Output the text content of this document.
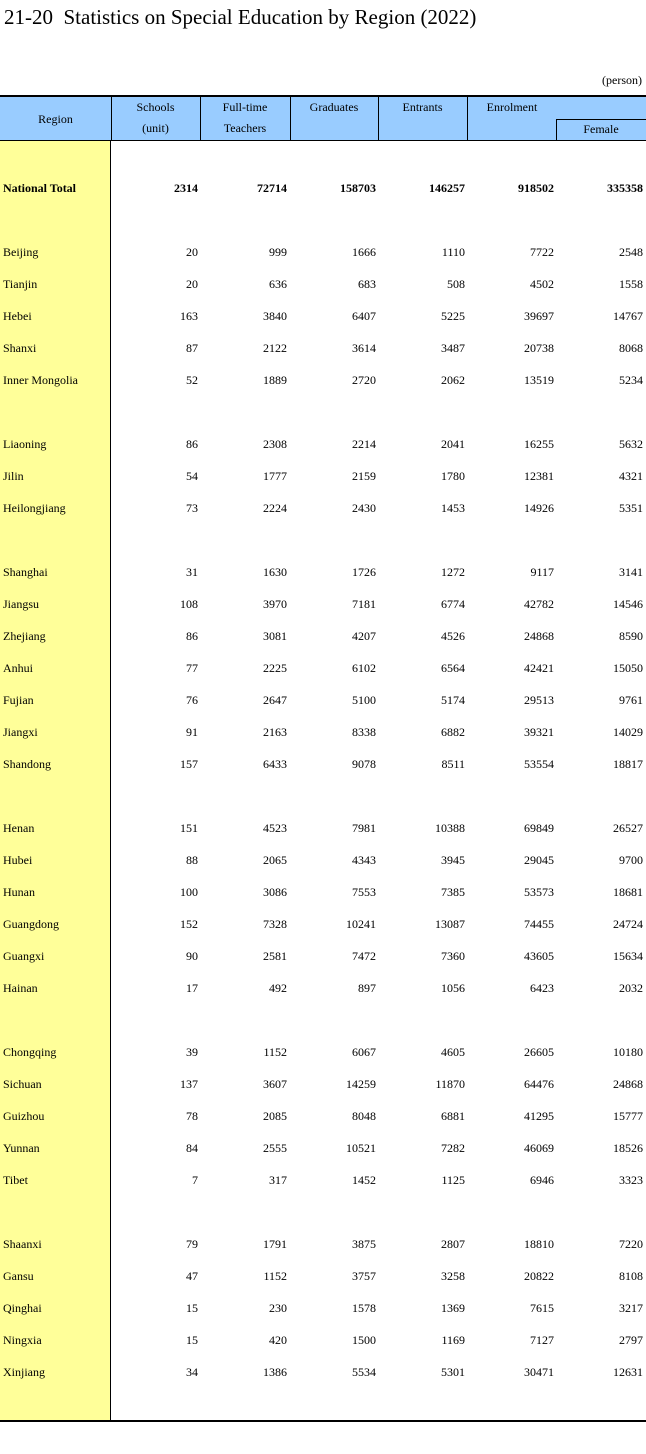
21-20  Statistics on Special Education by Region (2022)
(person)
Region
Schools
(unit)
Full-time
Teachers
Graduates	Entrants	Enrolment
Female
National Total	2314	72714	158703	146257	918502	335358
Beijing	20	999	1666	1110	7722	2548
Tianjin	20	636	683	508	4502	1558
Hebei	163	3840	6407	5225	39697	14767
Shanxi	87	2122	3614	3487	20738	8068
Inner Mongolia	52	1889	2720	2062	13519	5234
Liaoning	86	2308	2214	2041	16255	5632
Jilin	54	1777	2159	1780	12381	4321
Heilongjiang	73	2224	2430	1453	14926	5351
Shanghai	31	1630	1726	1272	9117	3141
Jiangsu	108	3970	7181	6774	42782	14546
Zhejiang	86	3081	4207	4526	24868	8590
Anhui	77	2225	6102	6564	42421	15050
Fujian	76	2647	5100	5174	29513	9761
Jiangxi	91	2163	8338	6882	39321	14029
Shandong	157	6433	9078	8511	53554	18817
Henan	151	4523	7981	10388	69849	26527
Hubei	88	2065	4343	3945	29045	9700
Hunan	100	3086	7553	7385	53573	18681
Guangdong	152	7328	10241	13087	74455	24724
Guangxi	90	2581	7472	7360	43605	15634
Hainan	17	492	897	1056	6423	2032
Chongqing	39	1152	6067	4605	26605	10180
Sichuan	137	3607	14259	11870	64476	24868
Guizhou	78	2085	8048	6881	41295	15777
Yunnan	84	2555	10521	7282	46069	18526
Tibet	7	317	1452	1125	6946	3323
Shaanxi	79	1791	3875	2807	18810	7220
Gansu	47	1152	3757	3258	20822	8108
Qinghai	15	230	1578	1369	7615	3217
Ningxia	15	420	1500	1169	7127	2797
Xinjiang	34	1386	5534	5301	30471	12631
